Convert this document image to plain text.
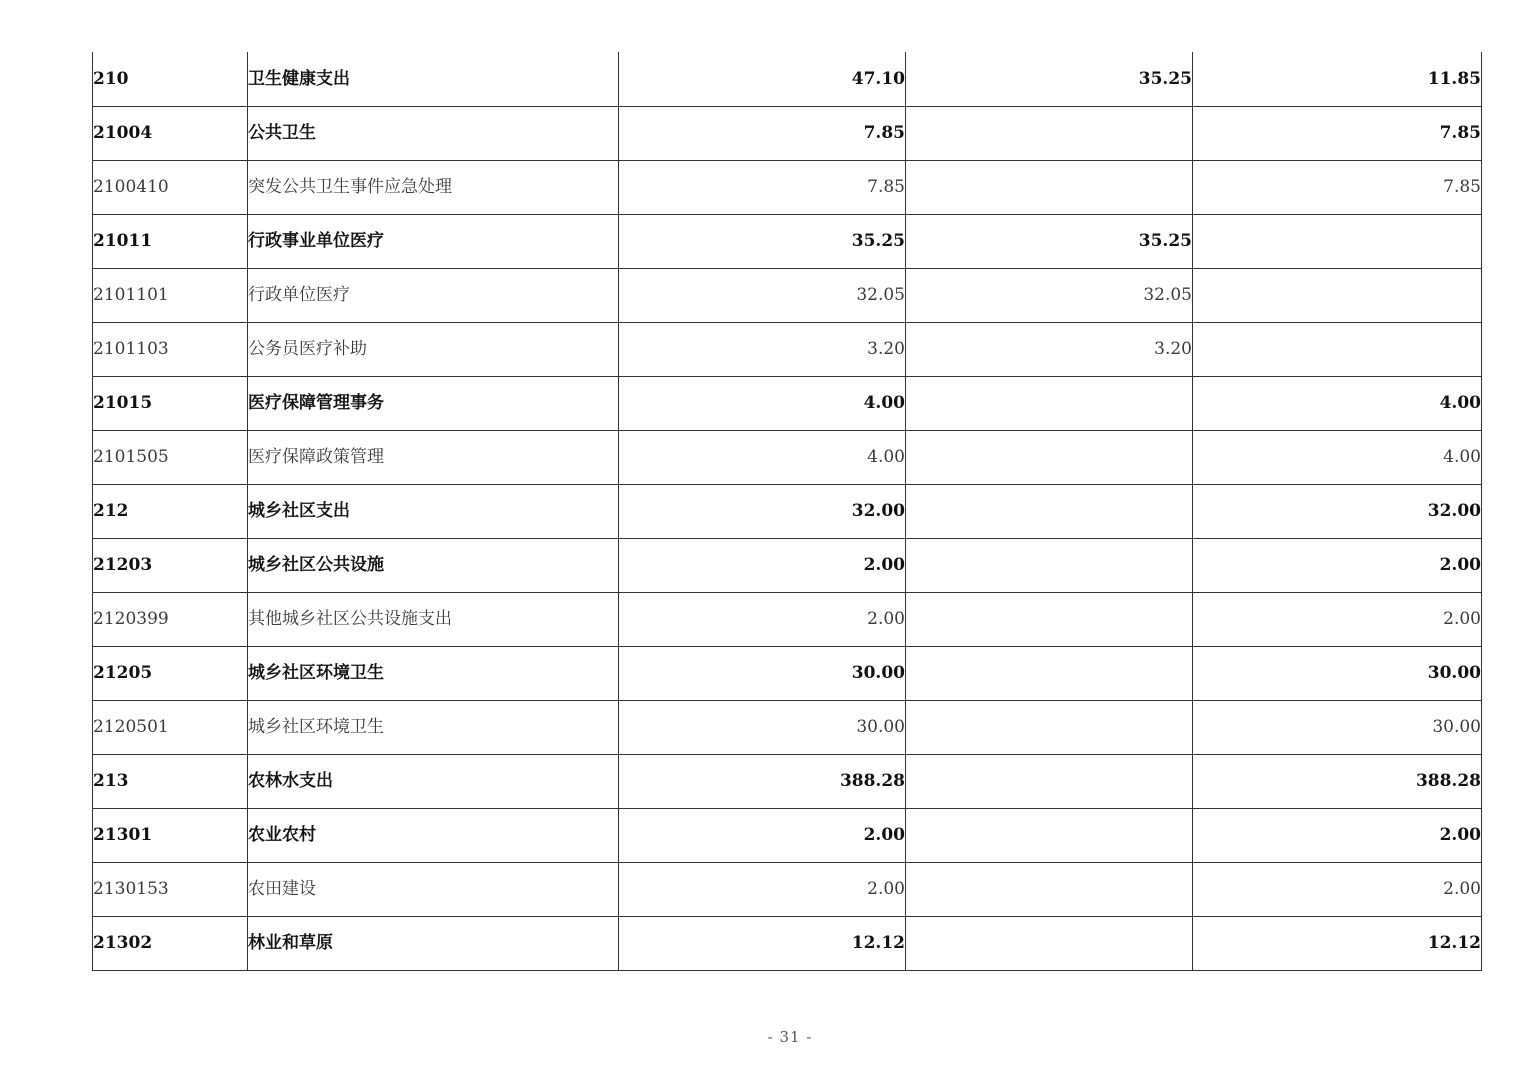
210	卫生健康支出	47.10	35.25	11.85
21004	公共卫生	7.85		7.85
2100410	突发公共卫生事件应急处理	7.85		7.85
21011	行政事业单位医疗	35.25	35.25	
2101101	行政单位医疗	32.05	32.05	
2101103	公务员医疗补助	3.20	3.20	
21015	医疗保障管理事务	4.00		4.00
2101505	医疗保障政策管理	4.00		4.00
212	城乡社区支出	32.00		32.00
21203	城乡社区公共设施	2.00		2.00
2120399	其他城乡社区公共设施支出	2.00		2.00
21205	城乡社区环境卫生	30.00		30.00
2120501	城乡社区环境卫生	30.00		30.00
213	农林水支出	388.28		388.28
21301	农业农村	2.00		2.00
2130153	农田建设	2.00		2.00
21302	林业和草原	12.12		12.12
- 31 -
